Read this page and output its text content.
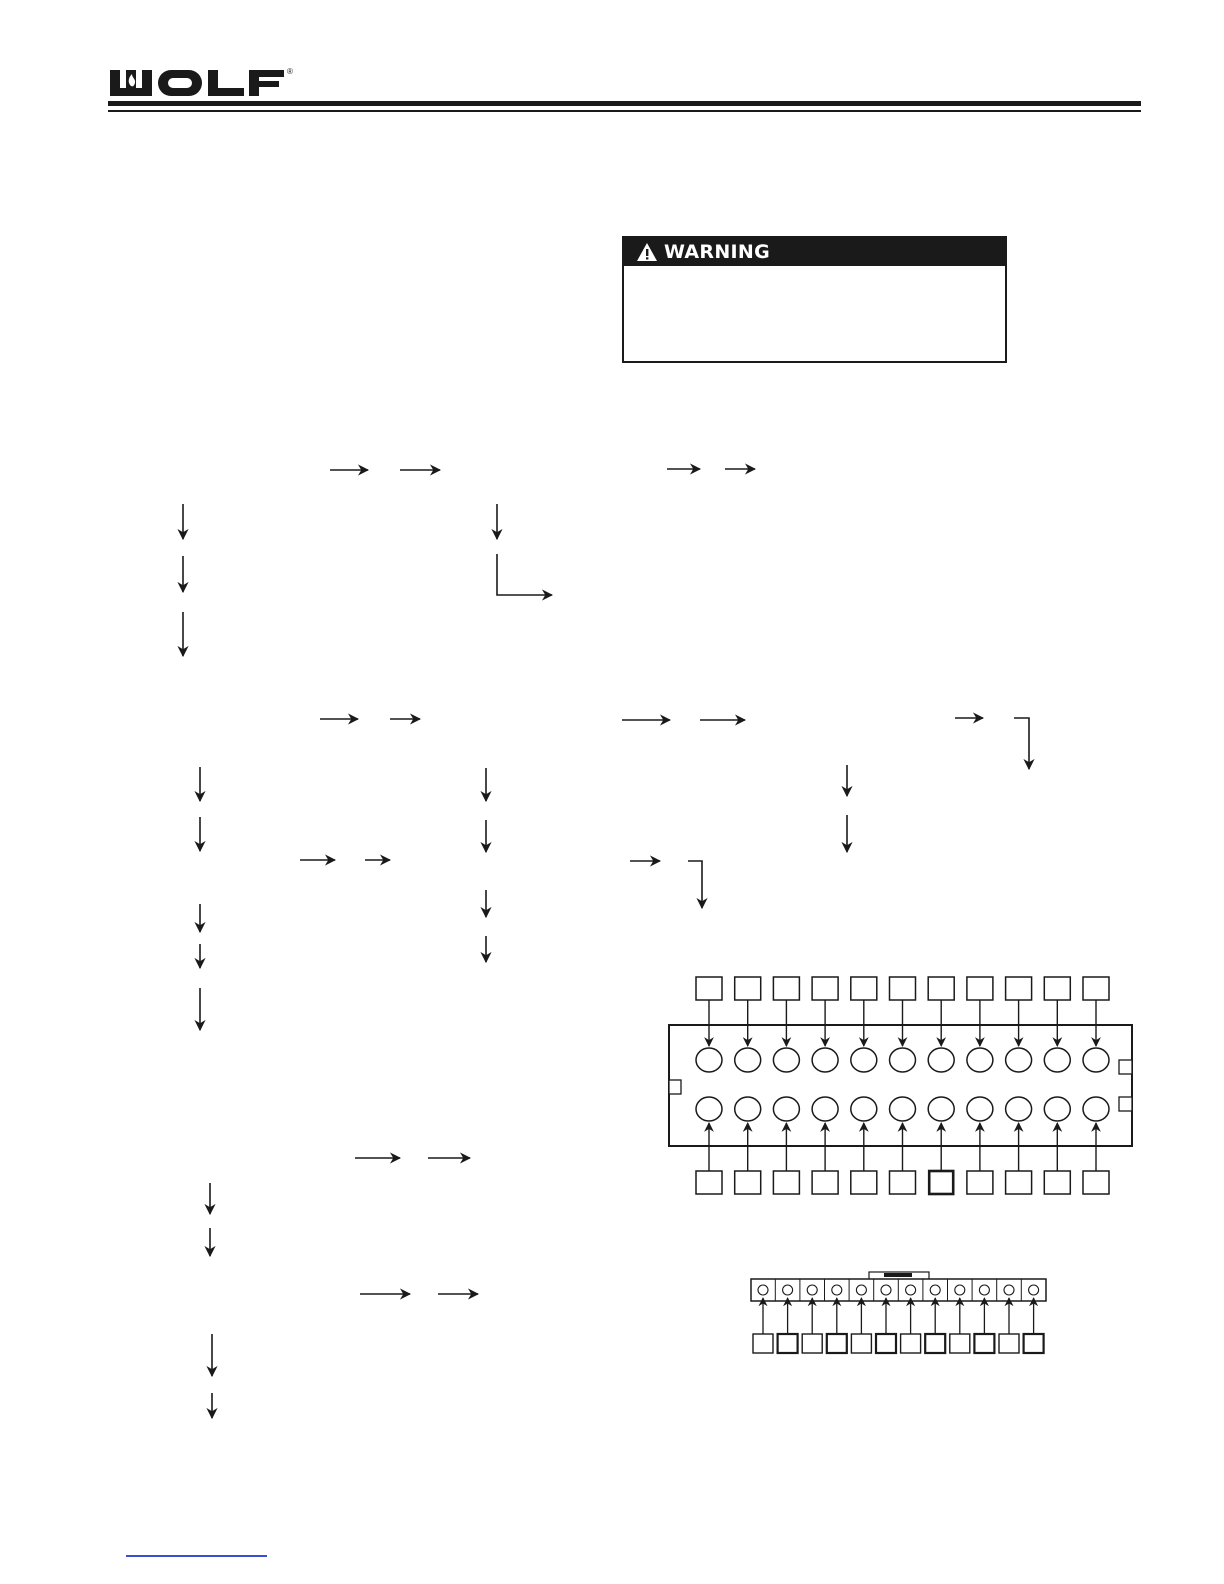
®
WARNING
